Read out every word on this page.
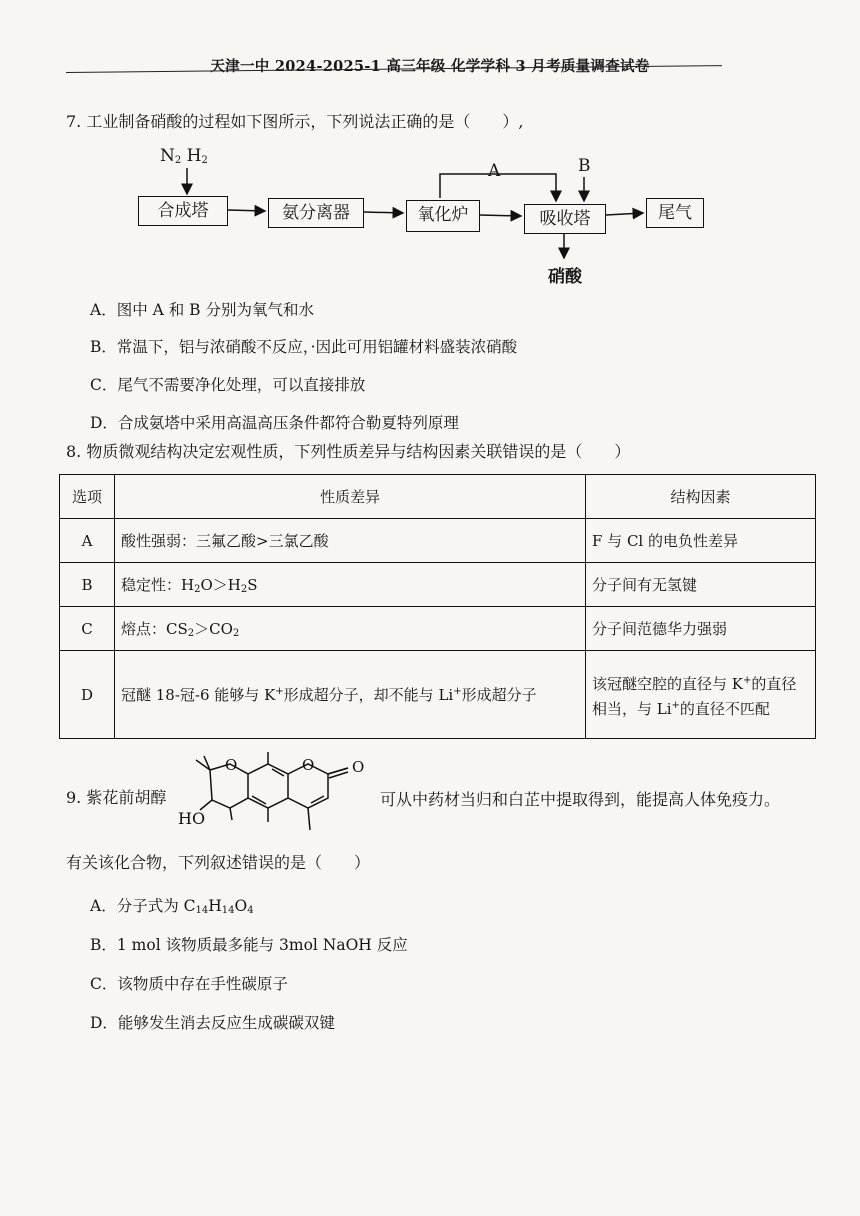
天津一中 2024-2025-1 高三年级 化学学科 3 月考质量调查试卷
7. 工业制备硝酸的过程如下图所示，下列说法正确的是（　　）,
$N_2$ $H_2$
合成塔	氨分离器	氧化炉	吸收塔	尾气
A	B
硝酸
A．图中 A 和 B 分别为氧气和水
B．常温下，铝与浓硝酸不反应，·因此可用铝罐材料盛装浓硝酸
C．尾气不需要净化处理，可以直接排放
D．合成氨塔中采用高温高压条件都符合勒夏特列原理
8. 物质微观结构决定宏观性质，下列性质差异与结构因素关联错误的是（　　）
选项	性质差异	结构因素
A	酸性强弱：三氟乙酸>三氯乙酸	F 与 Cl 的电负性差异
B	稳定性：$H_2O>H_2S$	分子间有无氢键
C	熔点：$CS_2>CO_2$	分子间范德华力强弱
D	冠醚 18-冠-6 能够与 K+形成超分子，却不能与 Li+形成超分子	该冠醚空腔的直径与 K+的直径相当，与 Li+的直径不匹配
9. 紫花前胡醇
O	O	O
HO
可从中药材当归和白芷中提取得到，能提高人体免疫力。
有关该化合物，下列叙述错误的是（　　）
A．分子式为 $C_{14}H_{14}O_4$
B．1 mol 该物质最多能与 3mol NaOH 反应
C．该物质中存在手性碳原子
D．能够发生消去反应生成碳碳双键
